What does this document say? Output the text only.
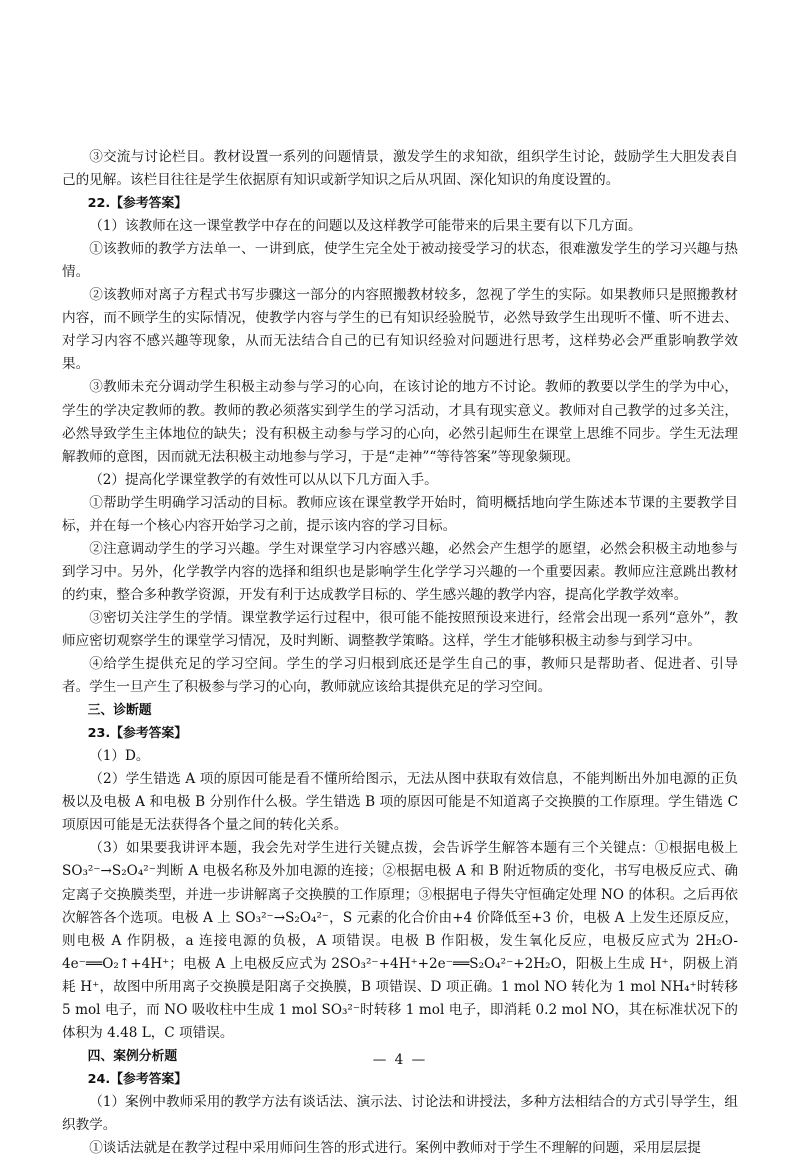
③交流与讨论栏目。教材设置一系列的问题情景，激发学生的求知欲，组织学生讨论，鼓励学生大胆发表自己的见解。该栏目往往是学生依据原有知识或新学知识之后从巩固、深化知识的角度设置的。

22.【参考答案】

（1）该教师在这一课堂教学中存在的问题以及这样教学可能带来的后果主要有以下几方面。

①该教师的教学方法单一、一讲到底，使学生完全处于被动接受学习的状态，很难激发学生的学习兴趣与热情。

②该教师对离子方程式书写步骤这一部分的内容照搬教材较多，忽视了学生的实际。如果教师只是照搬教材内容，而不顾学生的实际情况，使教学内容与学生的已有知识经验脱节，必然导致学生出现听不懂、听不进去、对学习内容不感兴趣等现象，从而无法结合自己的已有知识经验对问题进行思考，这样势必会严重影响教学效果。

③教师未充分调动学生积极主动参与学习的心向，在该讨论的地方不讨论。教师的教要以学生的学为中心，学生的学决定教师的教。教师的教必须落实到学生的学习活动，才具有现实意义。教师对自己教学的过多关注，必然导致学生主体地位的缺失；没有积极主动参与学习的心向，必然引起师生在课堂上思维不同步。学生无法理解教师的意图，因而就无法积极主动地参与学习，于是“走神”“等待答案”等现象频现。

（2）提高化学课堂教学的有效性可以从以下几方面入手。

①帮助学生明确学习活动的目标。教师应该在课堂教学开始时，简明概括地向学生陈述本节课的主要教学目标，并在每一个核心内容开始学习之前，提示该内容的学习目标。

②注意调动学生的学习兴趣。学生对课堂学习内容感兴趣，必然会产生想学的愿望，必然会积极主动地参与到学习中。另外，化学教学内容的选择和组织也是影响学生化学学习兴趣的一个重要因素。教师应注意跳出教材的约束，整合多种教学资源，开发有利于达成教学目标的、学生感兴趣的教学内容，提高化学教学效率。

③密切关注学生的学情。课堂教学运行过程中，很可能不能按照预设来进行，经常会出现一系列“意外”，教师应密切观察学生的课堂学习情况，及时判断、调整教学策略。这样，学生才能够积极主动参与到学习中。

④给学生提供充足的学习空间。学生的学习归根到底还是学生自己的事，教师只是帮助者、促进者、引导者。学生一旦产生了积极参与学习的心向，教师就应该给其提供充足的学习空间。

三、诊断题

23.【参考答案】

（1）D。

（2）学生错选 A 项的原因可能是看不懂所给图示，无法从图中获取有效信息，不能判断出外加电源的正负极以及电极 A 和电极 B 分别作什么极。学生错选 B 项的原因可能是不知道离子交换膜的工作原理。学生错选 C 项原因可能是无法获得各个量之间的转化关系。

（3）如果要我讲评本题，我会先对学生进行关键点拨，会告诉学生解答本题有三个关键点：①根据电极上 SO₃²⁻→S₂O₄²⁻判断 A 电极名称及外加电源的连接；②根据电极 A 和 B 附近物质的变化，书写电极反应式、确定离子交换膜类型，并进一步讲解离子交换膜的工作原理；③根据电子得失守恒确定处理 NO 的体积。之后再依次解答各个选项。电极 A 上 SO₃²⁻→S₂O₄²⁻，S 元素的化合价由+4 价降低至+3 价，电极 A 上发生还原反应，则电极 A 作阴极，a 连接电源的负极，A 项错误。电极 B 作阳极，发生氧化反应，电极反应式为 2H₂O-4e⁻══O₂↑+4H⁺；电极 A 上电极反应式为 2SO₃²⁻+4H⁺+2e⁻══S₂O₄²⁻+2H₂O，阳极上生成 H⁺，阴极上消耗 H⁺，故图中所用离子交换膜是阳离子交换膜，B 项错误、D 项正确。1 mol NO 转化为 1 mol NH₄⁺时转移 5 mol 电子，而 NO 吸收柱中生成 1 mol SO₃²⁻时转移 1 mol 电子，即消耗 0.2 mol NO，其在标准状况下的体积为 4.48 L，C 项错误。

四、案例分析题

24.【参考答案】

（1）案例中教师采用的教学方法有谈话法、演示法、讨论法和讲授法，多种方法相结合的方式引导学生，组织教学。

①谈话法就是在教学过程中采用师问生答的形式进行。案例中教师对于学生不理解的问题，采用层层提

— 4 —
